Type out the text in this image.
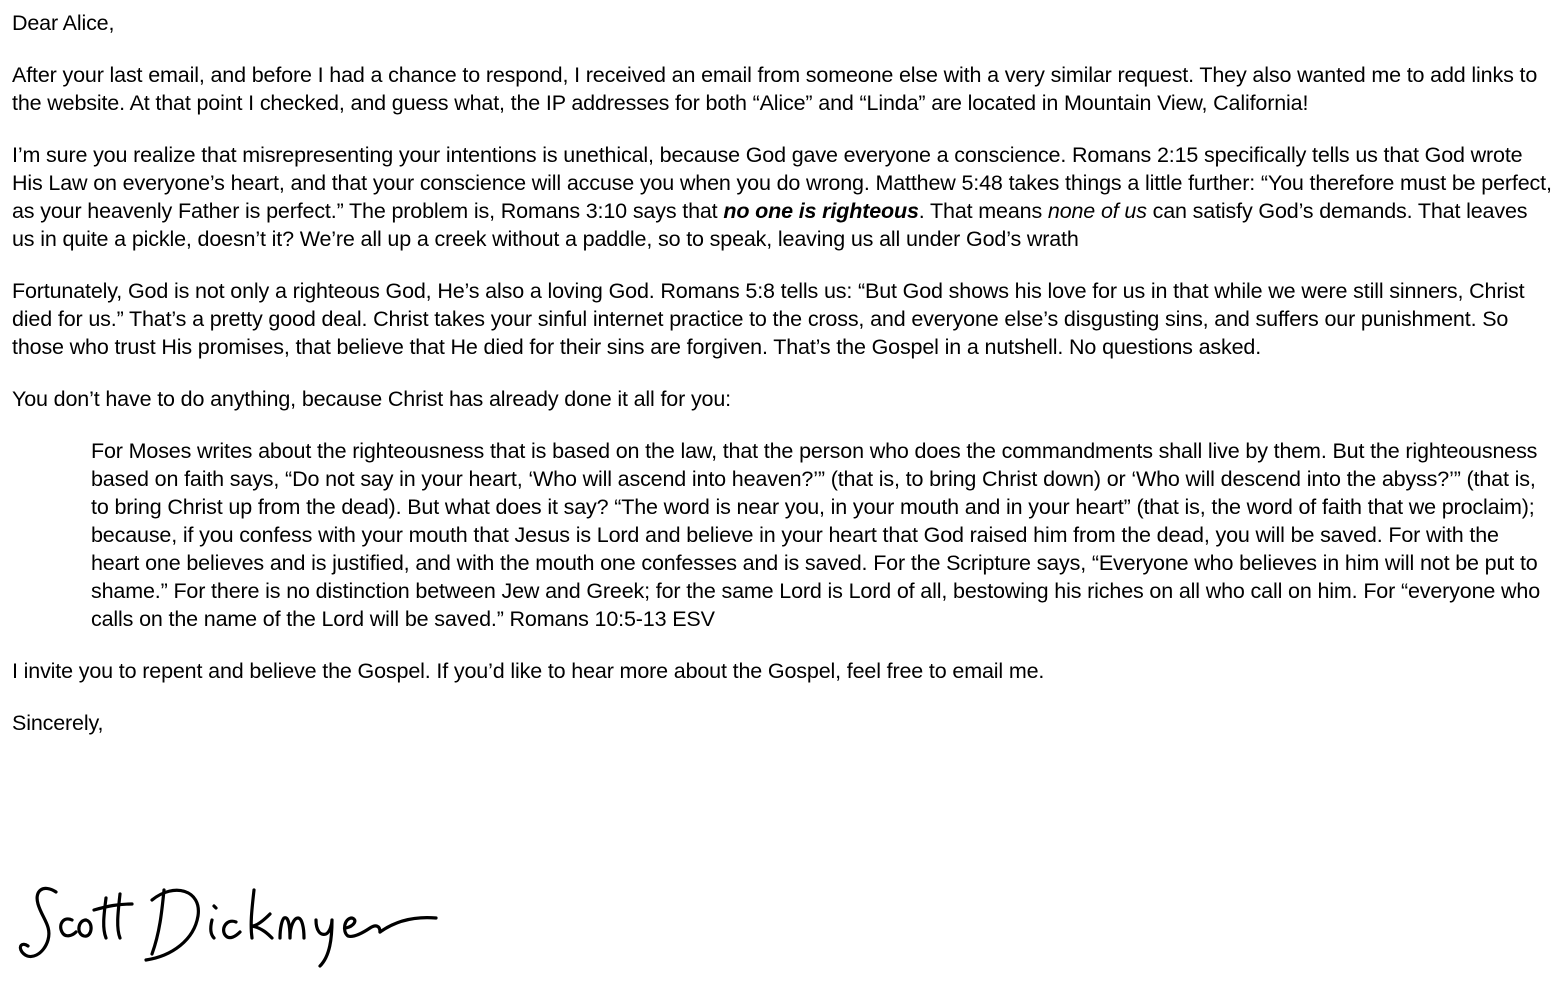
Dear Alice,

After your last email, and before I had a chance to respond, I received an email from someone else with a very similar request. They also wanted me to add links to the website. At that point I checked, and guess what, the IP addresses for both “Alice” and “Linda” are located in Mountain View, California!

I’m sure you realize that misrepresenting your intentions is unethical, because God gave everyone a conscience. Romans 2:15 specifically tells us that God wrote His Law on everyone’s heart, and that your conscience will accuse you when you do wrong. Matthew 5:48 takes things a little further: “You therefore must be perfect, as your heavenly Father is perfect.” The problem is, Romans 3:10 says that no one is righteous. That means none of us can satisfy God’s demands. That leaves us in quite a pickle, doesn’t it? We’re all up a creek without a paddle, so to speak, leaving us all under God’s wrath

Fortunately, God is not only a righteous God, He’s also a loving God. Romans 5:8 tells us: “But God shows his love for us in that while we were still sinners, Christ died for us.” That’s a pretty good deal. Christ takes your sinful internet practice to the cross, and everyone else’s disgusting sins, and suffers our punishment. So those who trust His promises, that believe that He died for their sins are forgiven. That’s the Gospel in a nutshell. No questions asked.

You don’t have to do anything, because Christ has already done it all for you:

For Moses writes about the righteousness that is based on the law, that the person who does the commandments shall live by them. But the righteousness based on faith says, “Do not say in your heart, ‘Who will ascend into heaven?’” (that is, to bring Christ down) or ‘Who will descend into the abyss?’” (that is, to bring Christ up from the dead). But what does it say? “The word is near you, in your mouth and in your heart” (that is, the word of faith that we proclaim); because, if you confess with your mouth that Jesus is Lord and believe in your heart that God raised him from the dead, you will be saved. For with the heart one believes and is justified, and with the mouth one confesses and is saved. For the Scripture says, “Everyone who believes in him will not be put to shame.” For there is no distinction between Jew and Greek; for the same Lord is Lord of all, bestowing his riches on all who call on him. For “everyone who calls on the name of the Lord will be saved.” Romans 10:5-13 ESV

I invite you to repent and believe the Gospel. If you’d like to hear more about the Gospel, feel free to email me.

Sincerely,
